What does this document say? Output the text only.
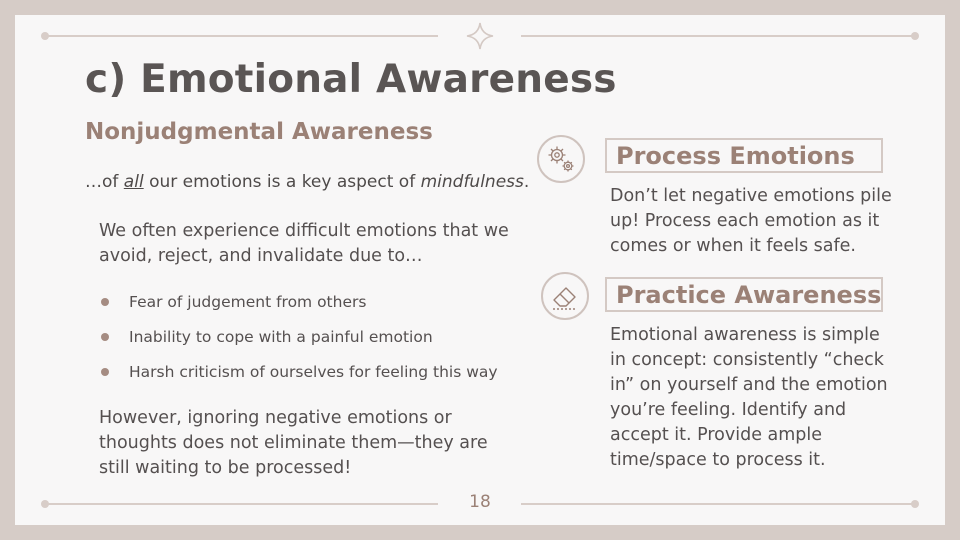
c) Emotional Awareness
Nonjudgmental Awareness

…of all our emotions is a key aspect of mindfulness.

We often experience difficult emotions that we avoid, reject, and invalidate due to…

Fear of judgement from others
Inability to cope with a painful emotion
Harsh criticism of ourselves for feeling this way

However, ignoring negative emotions or thoughts does not eliminate them—they are still waiting to be processed!

Process Emotions

Don’t let negative emotions pile up! Process each emotion as it comes or when it feels safe.

Practice Awareness

Emotional awareness is simple in concept: consistently “check in” on yourself and the emotion you’re feeling. Identify and accept it. Provide ample time/space to process it.

18
